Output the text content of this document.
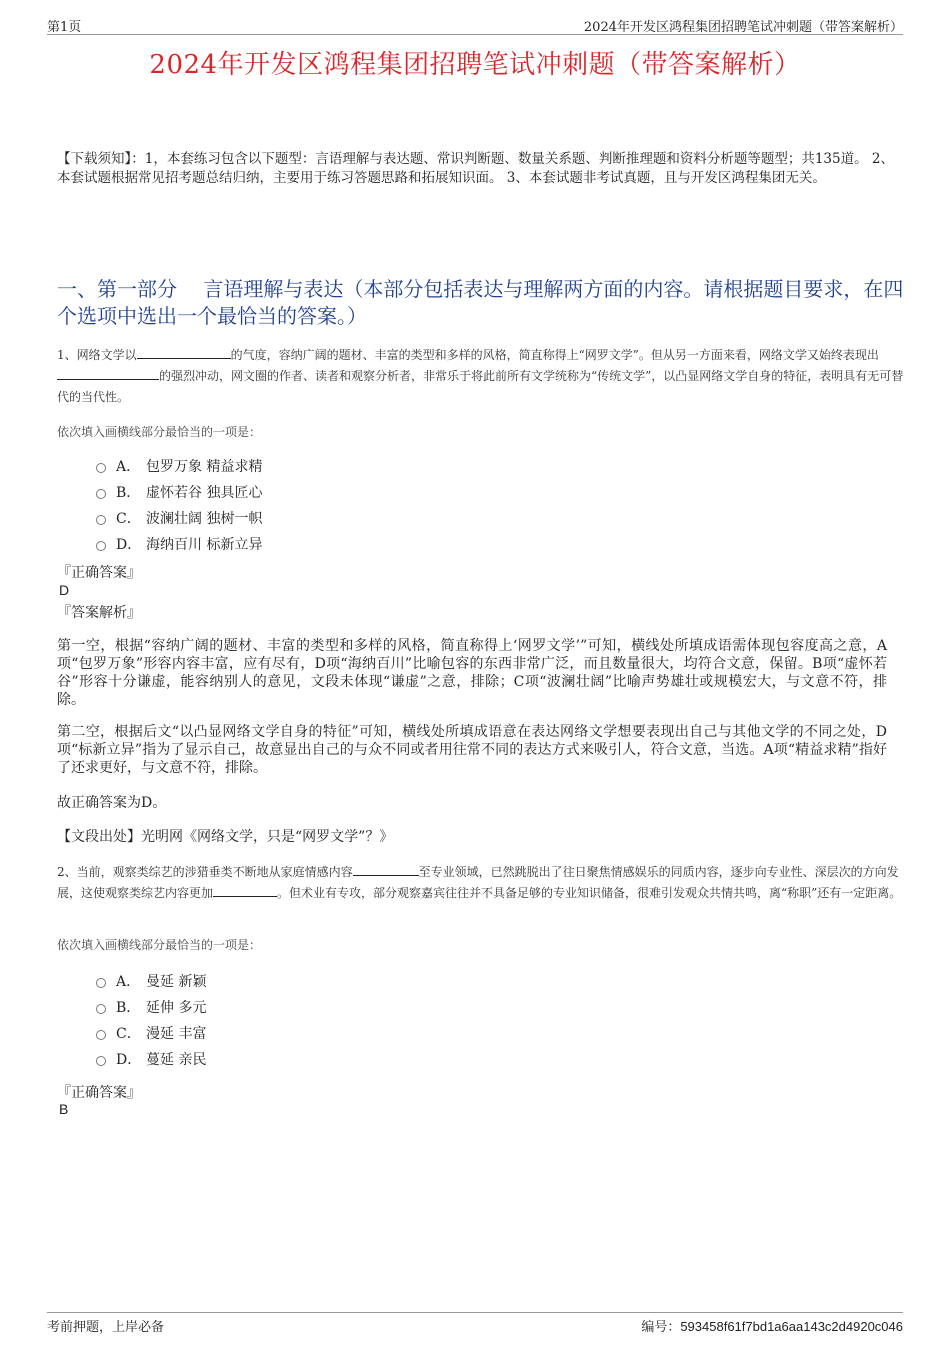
第1页	2024年开发区鸿程集团招聘笔试冲刺题（带答案解析）
2024年开发区鸿程集团招聘笔试冲刺题（带答案解析）
【下载须知】：1，本套练习包含以下题型：言语理解与表达题、常识判断题、数量关系题、判断推理题和资料分析题等题型；共135道。 2、本套试题根据常见招考题总结归纳，主要用于练习答题思路和拓展知识面。 3、本套试题非考试真题，且与开发区鸿程集团无关。
一、第一部分　 言语理解与表达（本部分包括表达与理解两方面的内容。请根据题目要求，在四个选项中选出一个最恰当的答案。）
1、网络文学以	的气度，容纳广阔的题材、丰富的类型和多样的风格，简直称得上“网罗文学”。但从另一方面来看，网络文学又始终表现出的强烈冲动，网文圈的作者、读者和观察分析者，非常乐于将此前所有文学统称为“传统文学”，以凸显网络文学自身的特征，表明具有无可替代的当代性。
依次填入画横线部分最恰当的一项是：
A． 包罗万象 精益求精
B． 虚怀若谷 独具匠心
C． 波澜壮阔 独树一帜
D． 海纳百川 标新立异
『正确答案』
D
『答案解析』
第一空，根据“容纳广阔的题材、丰富的类型和多样的风格，简直称得上‘网罗文学’”可知，横线处所填成语需体现包容度高之意，A项“包罗万象”形容内容丰富，应有尽有，D项“海纳百川”比喻包容的东西非常广泛，而且数量很大，均符合文意，保留。B项“虚怀若谷”形容十分谦虚，能容纳别人的意见，文段未体现“谦虚”之意，排除；C项“波澜壮阔”比喻声势雄壮或规模宏大，与文意不符，排除。
第二空，根据后文“以凸显网络文学自身的特征”可知，横线处所填成语意在表达网络文学想要表现出自己与其他文学的不同之处，D项“标新立异”指为了显示自己，故意显出自己的与众不同或者用往常不同的表达方式来吸引人，符合文意，当选。A项“精益求精”指好了还求更好，与文意不符，排除。
故正确答案为D。
【文段出处】光明网《网络文学，只是“网罗文学”？》
2、当前，观察类综艺的涉猎垂类不断地从家庭情感内容	至专业领域，已然跳脱出了往日聚焦情感娱乐的同质内容，逐步向专业性、深层次的方向发展，这使观察类综艺内容更加	。但术业有专攻，部分观察嘉宾往往并不具备足够的专业知识储备，很难引发观众共情共鸣，离“称职”还有一定距离。
依次填入画横线部分最恰当的一项是：
A． 曼延 新颖
B． 延伸 多元
C． 漫延 丰富
D． 蔓延 亲民
『正确答案』
B
考前押题，上岸必备	编号：593458f61f7bd1a6aa143c2d4920c046
